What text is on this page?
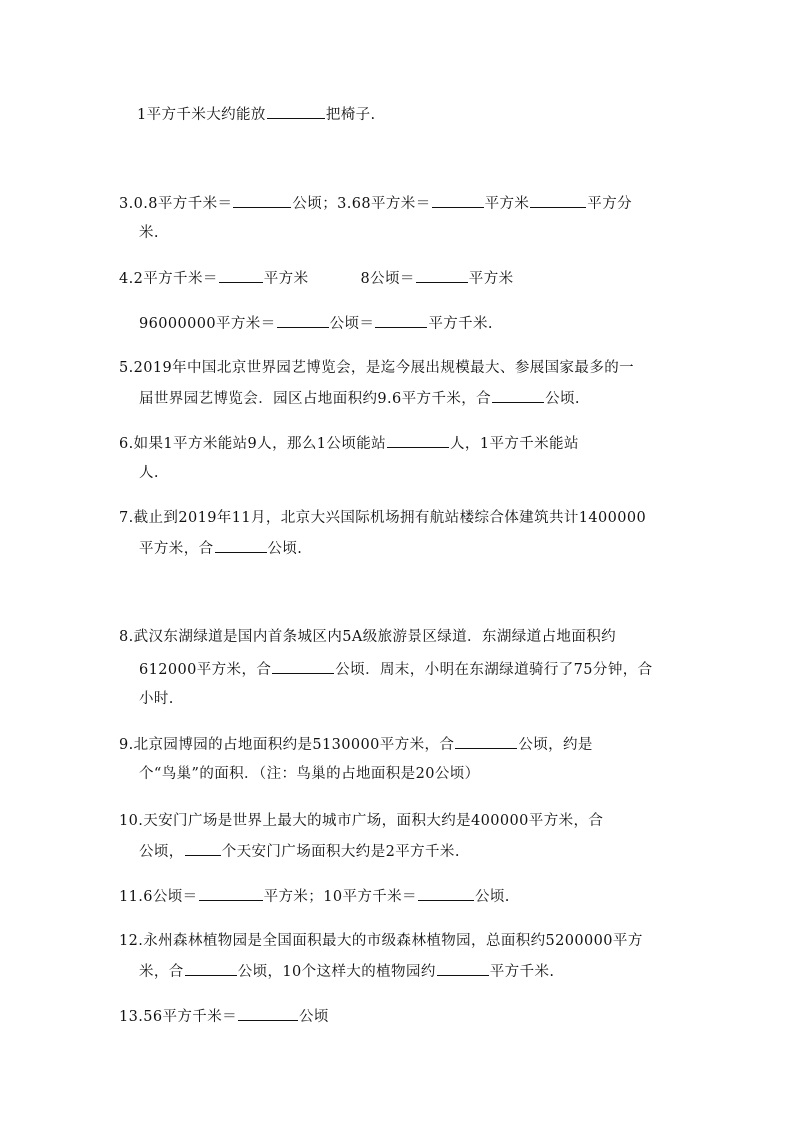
1平方千米大约能放	把椅子.
3.0.8平方千米＝	公顷；3.68平方米＝	平方米	平方分
米.
4.2平方千米＝	平方米	8公顷＝	平方米
96000000平方米＝	公顷＝	平方千米.
5.2019年中国北京世界园艺博览会，是迄今展出规模最大、参展国家最多的一
届世界园艺博览会．园区占地面积约9.6平方千米，合	公顷.
6.如果1平方米能站9人，那么1公顷能站	人，1平方千米能站
人.
7.截止到2019年11月，北京大兴国际机场拥有航站楼综合体建筑共计1400000
平方米，合	公顷.
8.武汉东湖绿道是国内首条城区内5A级旅游景区绿道．东湖绿道占地面积约
612000平方米，合	公顷．周末，小明在东湖绿道骑行了75分钟，合
小时.
9.北京园博园的占地面积约是5130000平方米，合	公顷，约是
个“鸟巢”的面积．（注：鸟巢的占地面积是20公顷）
10.天安门广场是世界上最大的城市广场，面积大约是400000平方米，合
公顷，	个天安门广场面积大约是2平方千米.
11.6公顷＝	平方米；10平方千米＝	公顷.
12.永州森林植物园是全国面积最大的市级森林植物园，总面积约5200000平方
米，合	公顷，10个这样大的植物园约	平方千米.
13.56平方千米＝	公顷
